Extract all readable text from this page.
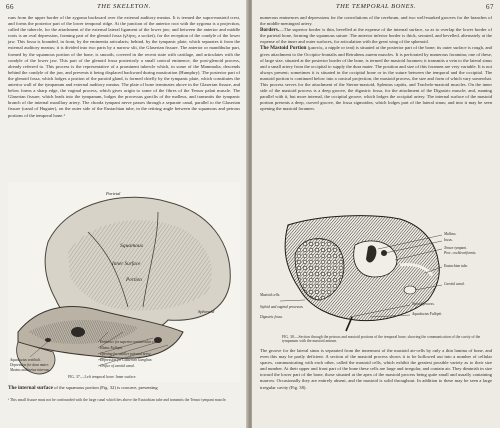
66	THE SKELETON.

runs from the upper border of the zygoma backward over the external auditory meatus. It is termed the supra-mastoid crest, and forms the posterior part of the lower temporal ridge. At the junction of the anterior root with the zygoma is a projection, called the tubercle, for the attachment of the external lateral ligament of the lower jaw; and between the anterior and middle roots is an oval depression, forming part of the glenoid fossa (γλήνη, a socket), for the reception of the condyle of the lower jaw. This fossa is bounded, in front, by the eminentia articularis; behind, by the tympanic plate, which separates it from the external auditory meatus; it is divided into two parts by a narrow slit, the Glaserian fissure. The anterior or mandibular part, formed by the squamous portion of the bone, is smooth, covered in the recent state with cartilage, and articulates with the condyle of the lower jaw. This part of the glenoid fossa posteriorly a small conical eminence, the post-glenoid process, already referred to. This process is the representative of a prominent tubercle which, in some of the Mammalia, descends behind the condyle of the jaw, and prevents it being displaced backward during mastication (Humphry). The posterior part of the glenoid fossa, which lodges a portion of the parotid gland, is formed chiefly by the tympanic plate, which constitutes the anterior wall of the tympanum and external auditory meatus. The plate of bone terminates above in the Glaserian fissure, and below forms a sharp edge, the vaginal process, which gives origin to some of the fibres of the Tensor palati muscle. The Glaserian fissure, which leads into the tympanum, lodges the processus gracilis of the malleus, and transmits the tympanic branch of the internal maxillary artery. The chorda tympani nerve passes through a separate canal, parallel to the Glaserian fissure (canal of Huguier), on the outer side of the Eustachian tube, in the retiring angle between the squamous and petrous portions of the temporal bone.¹

Parietal
Squamous
Inner Surface
Portion
Sphenoid
Aqueductus vestibuli.
Depression for dura mater.
Meatus auditorius internus.
Eminence for superior semicircular canal.
Hiatus Fallopii.
Opening for smaller petrosal nerve.
Depression for Gasserian Ganglion.
Orifice of carotid canal.
FIG. 37.—Left temporal bone. Inner surface.

The internal surface of the squamous portion (Fig. 32) is concave, presenting

¹ This small fissure must not be confounded with the large canal which lies above the Eustachian tube and transmits the Tensor tympani muscle.
THE TEMPORAL BONES.	67

numerous eminences and depressions for the convolutions of the cerebrum, and two well-marked grooves for the branches of the middle meningeal artery.

Borders.—The superior border is thin, bevelled at the expense of the internal surface, so as to overlap the lower border of the parietal bone, forming the squamous suture. The anterior inferior border is thick, serrated, and bevelled, alternately at the expense of the inner and outer surfaces, for articulation with the great wing of the sphenoid.

The Mastoid Portion (μαστός, a nipple or teat) is situated at the posterior part of the bone; its outer surface is rough, and gives attachment to the Occipito-frontalis and Retrahens aurem muscles. It is perforated by numerous foramina; one of these, of large size, situated at the posterior border of the bone, is termed the mastoid foramen; it transmits a vein to the lateral sinus and a small artery from the occipital to supply the dura mater. The position and size of this foramen are very variable. It is not always present; sometimes it is situated in the occipital bone or in the suture between the temporal and the occipital. The mastoid portion is continued below into a conical projection, the mastoid process, the size and form of which vary somewhat. This process serves for the attachment of the Sterno-mastoid, Splenius capitis, and Trachelo-mastoid muscles. On the inner side of the mastoid process is a deep groove, the digastric fossa, for the attachment of the Digastric muscle; and, running parallel with it, but more internal, the occipital groove, which lodges the occipital artery. The internal surface of the mastoid portion presents a deep, curved groove, the fossa sigmoidea, which lodges part of the lateral sinus; and into it may be seen opening the mastoid foramen.

Malleus.
Incus.
Tensor tympani.
Proc. cochleariformis.
Eustachian tube.
Carotid canal.
Styloid process.
Aqueductus Fallopii.
Mastoid cells.
Styloid and vaginal processes.
Digastric fossa.
FIG. 38.—Section through the petrous and mastoid portions of the temporal bone, showing the communication of the cavity of the tympanum with the mastoid antrum.

The groove for the lateral sinus is separated from the innermost of the mastoid air-cells by only a thin lamina of bone, and even this may be partly deficient. A section of the mastoid process shows it to be hollowed out into a number of cellular spaces, communicating with each other, called the mastoid cells, which exhibit the greatest possible variety as to their size and number. At their upper and front part of the bone these cells are large and irregular, and contain air. They diminish in size toward the lower part of the bone, those situated at the apex of the mastoid process being quite small and usually containing marrow. Occasionally they are entirely absent, and the mastoid is solid throughout. In addition to these may be seen a large irregular cavity (Fig. 38).
